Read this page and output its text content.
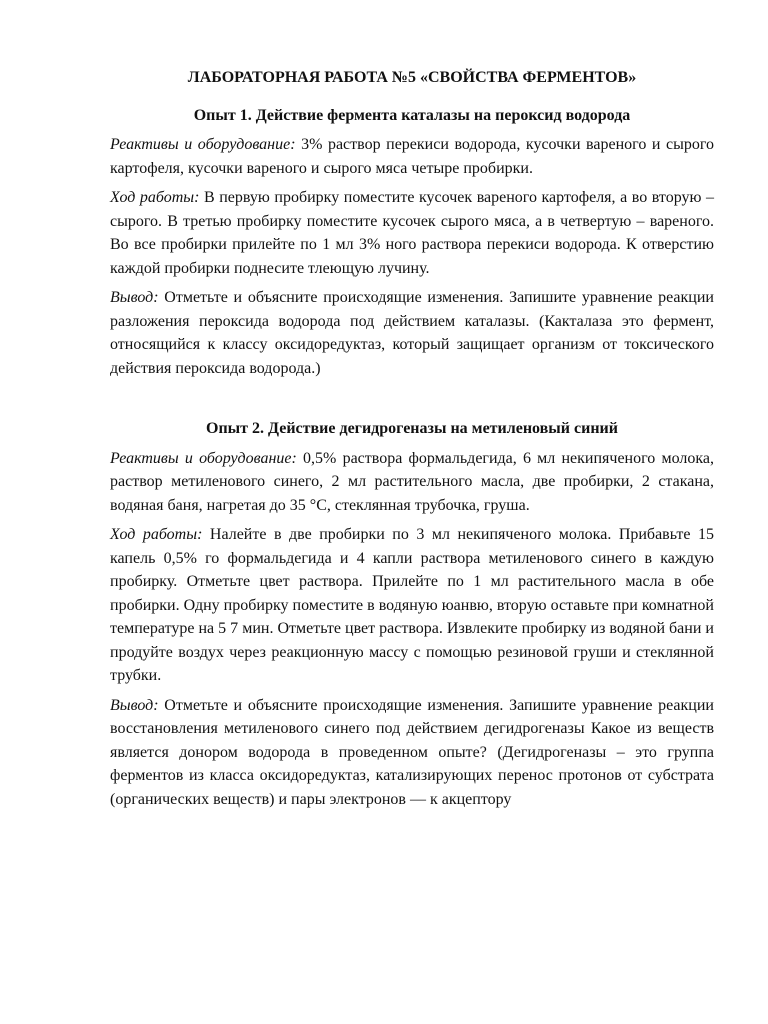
ЛАБОРАТОРНАЯ РАБОТА №5 «СВОЙСТВА ФЕРМЕНТОВ»
Опыт 1. Действие фермента каталазы на пероксид водорода

Реактивы и оборудование: 3% раствор перекиси водорода, кусочки вареного и сырого картофеля, кусочки вареного и сырого мяса четыре пробирки.

Ход работы: В первую пробирку поместите кусочек вареного картофеля, а во вторую – сырого. В третью пробирку поместите кусочек сырого мяса, а в четвертую – вареного. Во все пробирки прилейте по 1 мл 3% ного раствора перекиси водорода. К отверстию каждой пробирки поднесите тлеющую лучину.

Вывод: Отметьте и объясните происходящие изменения. Запишите уравнение реакции разложения пероксида водорода под действием каталазы. (Какталаза это фермент, относящийся к классу оксидоредуктаз, который защищает организм от токсического действия пероксида водорода.)

Опыт 2. Действие дегидрогеназы на метиленовый синий

Реактивы и оборудование: 0,5% раствора формальдегида, 6 мл некипяченого молока, раствор метиленового синего, 2 мл растительного масла, две пробирки, 2 стакана, водяная баня, нагретая до 35 °С, стеклянная трубочка, груша.

Ход работы: Налейте в две пробирки по 3 мл некипяченого молока. Прибавьте 15 капель 0,5% го формальдегида и 4 капли раствора метиленового синего в каждую пробирку. Отметьте цвет раствора. Прилейте по 1 мл растительного масла в обе пробирки. Одну пробирку поместите в водяную юанвю, вторую оставьте при комнатной температуре на 5 7 мин. Отметьте цвет раствора. Извлеките пробирку из водяной бани и продуйте воздух через реакционную массу с помощью резиновой груши и стеклянной трубки.

Вывод: Отметьте и объясните происходящие изменения. Запишите уравнение реакции восстановления метиленового синего под действием дегидрогеназы Какое из веществ является донором водорода в проведенном опыте? (Дегидрогеназы – это группа ферментов из класса оксидоредуктаз, катализирующих перенос протонов от субстрата (органических веществ) и пары электронов — к акцептору
